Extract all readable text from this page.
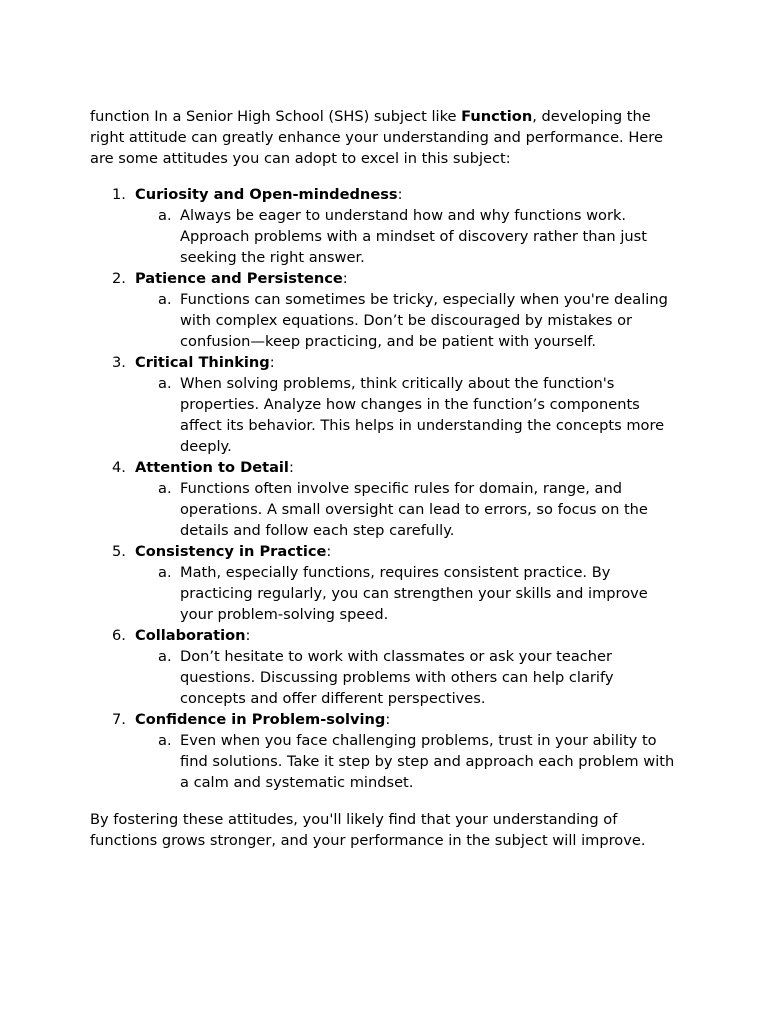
function In a Senior High School (SHS) subject like Function, developing the right attitude can greatly enhance your understanding and performance. Here are some attitudes you can adopt to excel in this subject:

1. Curiosity and Open-mindedness:
a. Always be eager to understand how and why functions work. Approach problems with a mindset of discovery rather than just seeking the right answer.
2. Patience and Persistence:
a. Functions can sometimes be tricky, especially when you're dealing with complex equations. Don’t be discouraged by mistakes or confusion—keep practicing, and be patient with yourself.
3. Critical Thinking:
a. When solving problems, think critically about the function's properties. Analyze how changes in the function’s components affect its behavior. This helps in understanding the concepts more deeply.
4. Attention to Detail:
a. Functions often involve specific rules for domain, range, and operations. A small oversight can lead to errors, so focus on the details and follow each step carefully.
5. Consistency in Practice:
a. Math, especially functions, requires consistent practice. By practicing regularly, you can strengthen your skills and improve your problem-solving speed.
6. Collaboration:
a. Don’t hesitate to work with classmates or ask your teacher questions. Discussing problems with others can help clarify concepts and offer different perspectives.
7. Confidence in Problem-solving:
a. Even when you face challenging problems, trust in your ability to find solutions. Take it step by step and approach each problem with a calm and systematic mindset.

By fostering these attitudes, you'll likely find that your understanding of functions grows stronger, and your performance in the subject will improve.
